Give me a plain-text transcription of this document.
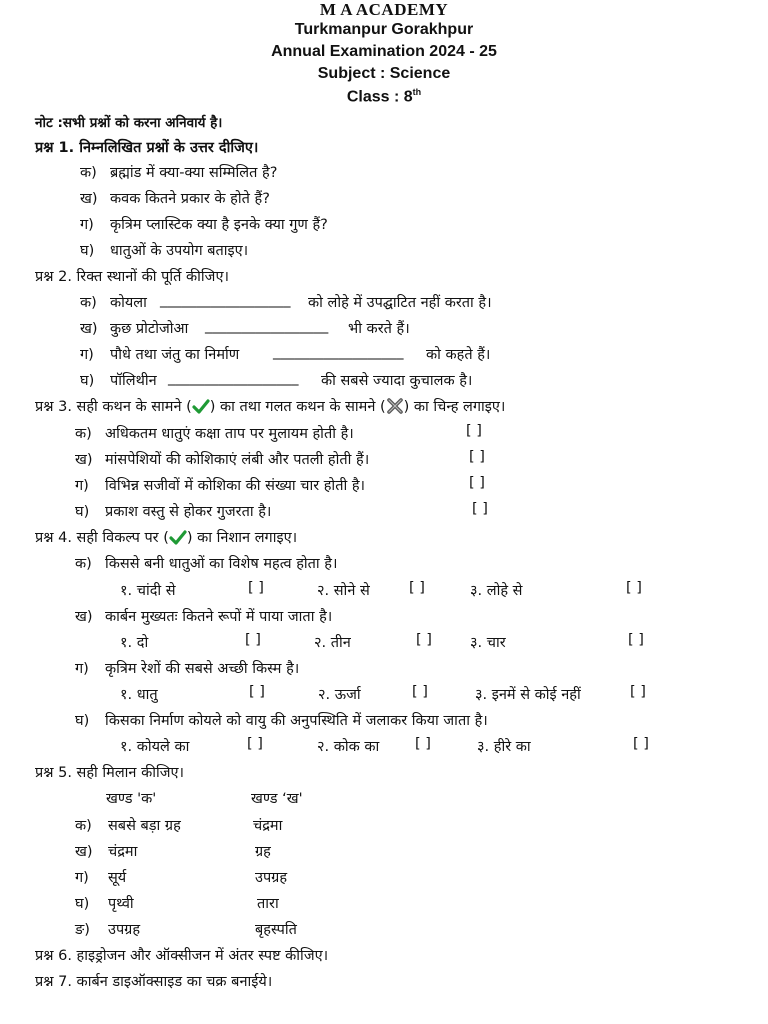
M A ACADEMY
Turkmanpur Gorakhpur
Annual Examination 2024 - 25
Subject : Science
Class : 8th
नोट :सभी प्रश्नों को करना अनिवार्य है।
प्रश्न 1. निम्नलिखित प्रश्नों के उत्तर दीजिए।
क) ब्रह्मांड में क्या-क्या सम्मिलित है?
ख) कवक कितने प्रकार के होते हैं?
ग) कृत्रिम प्लास्टिक क्या है इनके क्या गुण हैं?
घ) धातुओं के उपयोग बताइए।
प्रश्न 2. रिक्त स्थानों की पूर्ति कीजिए।
क) कोयला __________________ को लोहे में उपद्घाटित नहीं करता है।
ख) कुछ प्रोटोजोआ _________________ भी करते हैं।
ग) पौधे तथा जंतु का निर्माण __________________ को कहते हैं।
घ) पॉलिथीन __________________ की सबसे ज्यादा कुचालक है।
प्रश्न 3. सही कथन के सामने ( ) का तथा गलत कथन के सामने ( ) का चिन्ह लगाइए।
क) अधिकतम धातुएं कक्षा ताप पर मुलायम होती है।	[ ]
ख) मांसपेशियों की कोशिकाएं लंबी और पतली होती हैं।	[ ]
ग) विभिन्न सजीवों में कोशिका की संख्या चार होती है।	[ ]
घ) प्रकाश वस्तु से होकर गुजरता है।	[ ]
प्रश्न 4. सही विकल्प पर ( ) का निशान लगाइए।
क) किससे बनी धातुओं का विशेष महत्व होता है।
१. चांदी से	[ ]	२. सोने से	[ ]	३. लोहे से	[ ]
ख) कार्बन मुख्यतः कितने रूपों में पाया जाता है।
१. दो	[ ]	२. तीन	[ ]	३. चार	[ ]
ग) कृत्रिम रेशों की सबसे अच्छी किस्म है।
१. धातु	[ ]	२. ऊर्जा	[ ]	३. इनमें से कोई नहीं	[ ]
घ) किसका निर्माण कोयले को वायु की अनुपस्थिति में जलाकर किया जाता है।
१. कोयले का	[ ]	२. कोक का [ ]	३. हीरे का	[ ]
प्रश्न 5. सही मिलान कीजिए।
खण्ड 'क'	खण्ड ‘ख'
क) सबसे बड़ा ग्रह	चंद्रमा
ख) चंद्रमा	ग्रह
ग) सूर्य	उपग्रह
घ) पृथ्वी	तारा
ङ) उपग्रह	बृहस्पति
प्रश्न 6. हाइड्रोजन और ऑक्सीजन में अंतर स्पष्ट कीजिए।
प्रश्न 7. कार्बन डाइऑक्साइड का चक्र बनाईये।
